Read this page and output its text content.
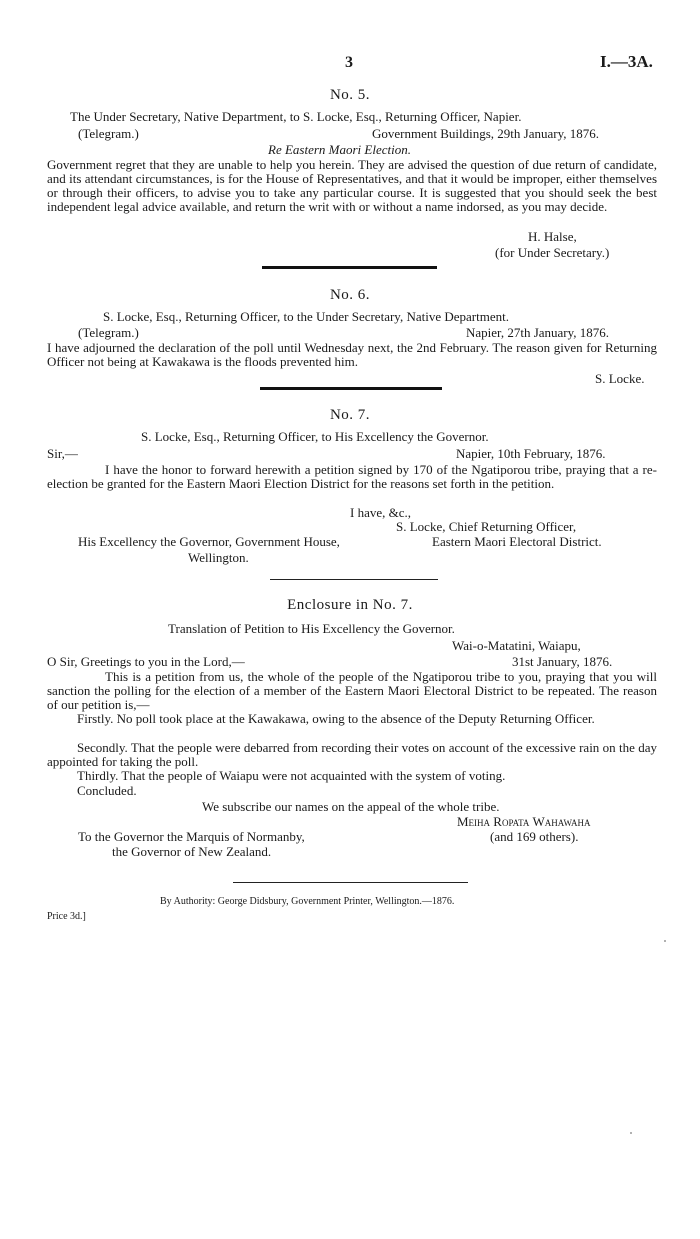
3	I.—3A.
No. 5.
The Under Secretary, Native Department, to S. Locke, Esq., Returning Officer, Napier.
(Telegram.)	Government Buildings, 29th January, 1876.
Re Eastern Maori Election.
Government regret that they are unable to help you herein. They are advised the question of due return of candidate, and its attendant circumstances, is for the House of Representatives, and that it would be improper, either themselves or through their officers, to advise you to take any particular course. It is suggested that you should seek the best independent legal advice available, and return the writ with or without a name indorsed, as you may decide.
H. Halse,
(for Under Secretary.)
No. 6.
S. Locke, Esq., Returning Officer, to the Under Secretary, Native Department.
(Telegram.)	Napier, 27th January, 1876.
I have adjourned the declaration of the poll until Wednesday next, the 2nd February. The reason given for Returning Officer not being at Kawakawa is the floods prevented him.
S. Locke.
No. 7.
S. Locke, Esq., Returning Officer, to His Excellency the Governor.
Sir,—	Napier, 10th February, 1876.
I have the honor to forward herewith a petition signed by 170 of the Ngatiporou tribe, praying that a re-election be granted for the Eastern Maori Election District for the reasons set forth in the petition.
I have, &c.,
S. Locke, Chief Returning Officer,
Eastern Maori Electoral District.
His Excellency the Governor, Government House,
Wellington.
Enclosure in No. 7.
Translation of Petition to His Excellency the Governor.
Wai-o-Matatini, Waiapu,
O Sir, Greetings to you in the Lord,—	31st January, 1876.
This is a petition from us, the whole of the people of the Ngatiporou tribe to you, praying that you will sanction the polling for the election of a member of the Eastern Maori Electoral District to be repeated. The reason of our petition is,—
Firstly. No poll took place at the Kawakawa, owing to the absence of the Deputy Returning Officer.
Secondly. That the people were debarred from recording their votes on account of the excessive rain on the day appointed for taking the poll.
Thirdly. That the people of Waiapu were not acquainted with the system of voting.
Concluded.
We subscribe our names on the appeal of the whole tribe.
Meiha Ropata Wahawaha
(and 169 others).
To the Governor the Marquis of Normanby,
the Governor of New Zealand.
By Authority: George Didsbury, Government Printer, Wellington.—1876.
Price 3d.]
